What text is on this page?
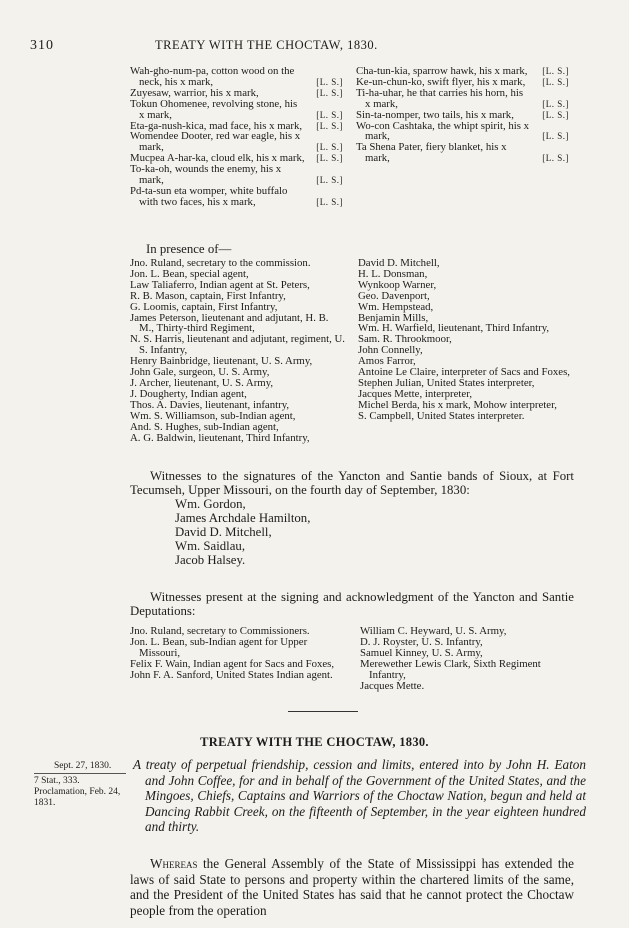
310	TREATY WITH THE CHOCTAW, 1830.
Wah-gho-num-pa, cotton wood on the neck, his x mark,	[L. S.]
Zuyesaw, warrior, his x mark,	[L. S.]
Tokun Ohomenee, revolving stone, his x mark,	[L. S.]
Eta-ga-nush-kica, mad face, his x mark,	[L. S.]
Womendee Dooter, red war eagle, his x mark,	[L. S.]
Mucpea A-har-ka, cloud elk, his x mark, [L. S.]
To-ka-oh, wounds the enemy, his x mark,	[L. S.]
Pd-ta-sun eta womper, white buffalo with two faces, his x mark,	[L. S.]
Cha-tun-kia, sparrow hawk, his x mark,	[L. S.]
Ke-un-chun-ko, swift flyer, his x mark,	[L. S.]
Ti-ha-uhar, he that carries his horn, his x mark,	[L. S.]
Sin-ta-nomper, two tails, his x mark,	[L. S.]
Wo-con Cashtaka, the whipt spirit, his x mark,	[L. S.]
Ta Shena Pater, fiery blanket, his x mark,	[L. S.]
In presence of—
Jno. Ruland, secretary to the commission.
Jon. L. Bean, special agent,
Law Taliaferro, Indian agent at St. Peters,
R. B. Mason, captain, First Infantry,
G. Loomis, captain, First Infantry,
James Peterson, lieutenant and adjutant, H. B. M., Thirty-third Regiment,
N. S. Harris, lieutenant and adjutant, regiment, U. S. Infantry,
Henry Bainbridge, lieutenant, U. S. Army,
John Gale, surgeon, U. S. Army,
J. Archer, lieutenant, U. S. Army,
J. Dougherty, Indian agent,
Thos. A. Davies, lieutenant, infantry,
Wm. S. Williamson, sub-Indian agent,
And. S. Hughes, sub-Indian agent,
A. G. Baldwin, lieutenant, Third Infantry,
David D. Mitchell,
H. L. Donsman,
Wynkoop Warner,
Geo. Davenport,
Wm. Hempstead,
Benjamin Mills,
Wm. H. Warfield, lieutenant, Third Infantry,
Sam. R. Throokmoor,
John Connelly,
Amos Farror,
Antoine Le Claire, interpreter of Sacs and Foxes,
Stephen Julian, United States interpreter,
Jacques Mette, interpreter,
Michel Berda, his x mark, Mohow interpreter,
S. Campbell, United States interpreter.
Witnesses to the signatures of the Yancton and Santie bands of Sioux, at Fort Tecumseh, Upper Missouri, on the fourth day of September, 1830:
Wm. Gordon,
James Archdale Hamilton,
David D. Mitchell,
Wm. Saidlau,
Jacob Halsey.
Witnesses present at the signing and acknowledgment of the Yancton and Santie Deputations:
Jno. Ruland, secretary to Commissioners.
Jon. L. Bean, sub-Indian agent for Upper Missouri,
Felix F. Wain, Indian agent for Sacs and Foxes,
John F. A. Sanford, United States Indian agent.
William C. Heyward, U. S. Army,
D. J. Royster, U. S. Infantry,
Samuel Kinney, U. S. Army,
Merewether Lewis Clark, Sixth Regiment Infantry,
Jacques Mette.
TREATY WITH THE CHOCTAW, 1830.
Sept. 27, 1830.
7 Stat., 333.
Proclamation, Feb. 24, 1831.
A treaty of perpetual friendship, cession and limits, entered into by John H. Eaton and John Coffee, for and in behalf of the Government of the United States, and the Mingoes, Chiefs, Captains and Warriors of the Choctaw Nation, begun and held at Dancing Rabbit Creek, on the fifteenth of September, in the year eighteen hundred and thirty.
Whereas the General Assembly of the State of Mississippi has extended the laws of said State to persons and property within the chartered limits of the same, and the President of the United States has said that he cannot protect the Choctaw people from the operation
